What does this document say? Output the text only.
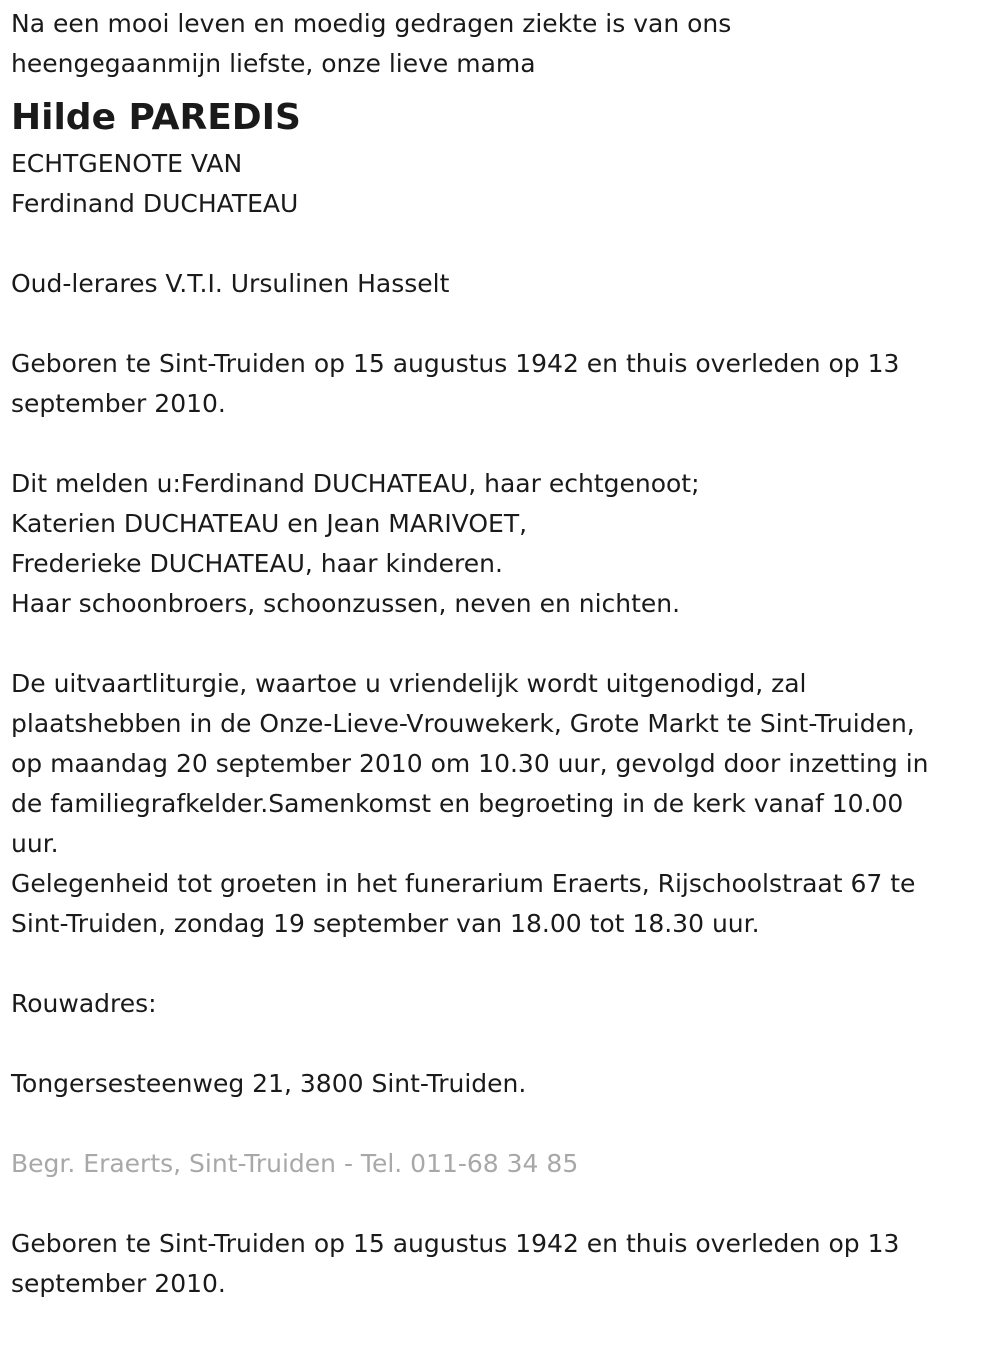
Na een mooi leven en moedig gedragen ziekte is van ons
heengegaanmijn liefste, onze lieve mama
Hilde PAREDIS
ECHTGENOTE VAN
Ferdinand DUCHATEAU
Oud-lerares V.T.I. Ursulinen Hasselt
Geboren te Sint-Truiden op 15 augustus 1942 en thuis overleden op 13
september 2010.
Dit melden u:Ferdinand DUCHATEAU, haar echtgenoot;
Katerien DUCHATEAU en Jean MARIVOET,
Frederieke DUCHATEAU, haar kinderen.
Haar schoonbroers, schoonzussen, neven en nichten.
De uitvaartliturgie, waartoe u vriendelijk wordt uitgenodigd, zal
plaatshebben in de Onze-Lieve-Vrouwekerk, Grote Markt te Sint-Truiden,
op maandag 20 september 2010 om 10.30 uur, gevolgd door inzetting in
de familiegrafkelder.Samenkomst en begroeting in de kerk vanaf 10.00
uur.
Gelegenheid tot groeten in het funerarium Eraerts, Rijschoolstraat 67 te
Sint-Truiden, zondag 19 september van 18.00 tot 18.30 uur.
Rouwadres:
Tongersesteenweg 21, 3800 Sint-Truiden.
Begr. Eraerts, Sint-Truiden - Tel. 011-68 34 85
Geboren te Sint-Truiden op 15 augustus 1942 en thuis overleden op 13
september 2010.
